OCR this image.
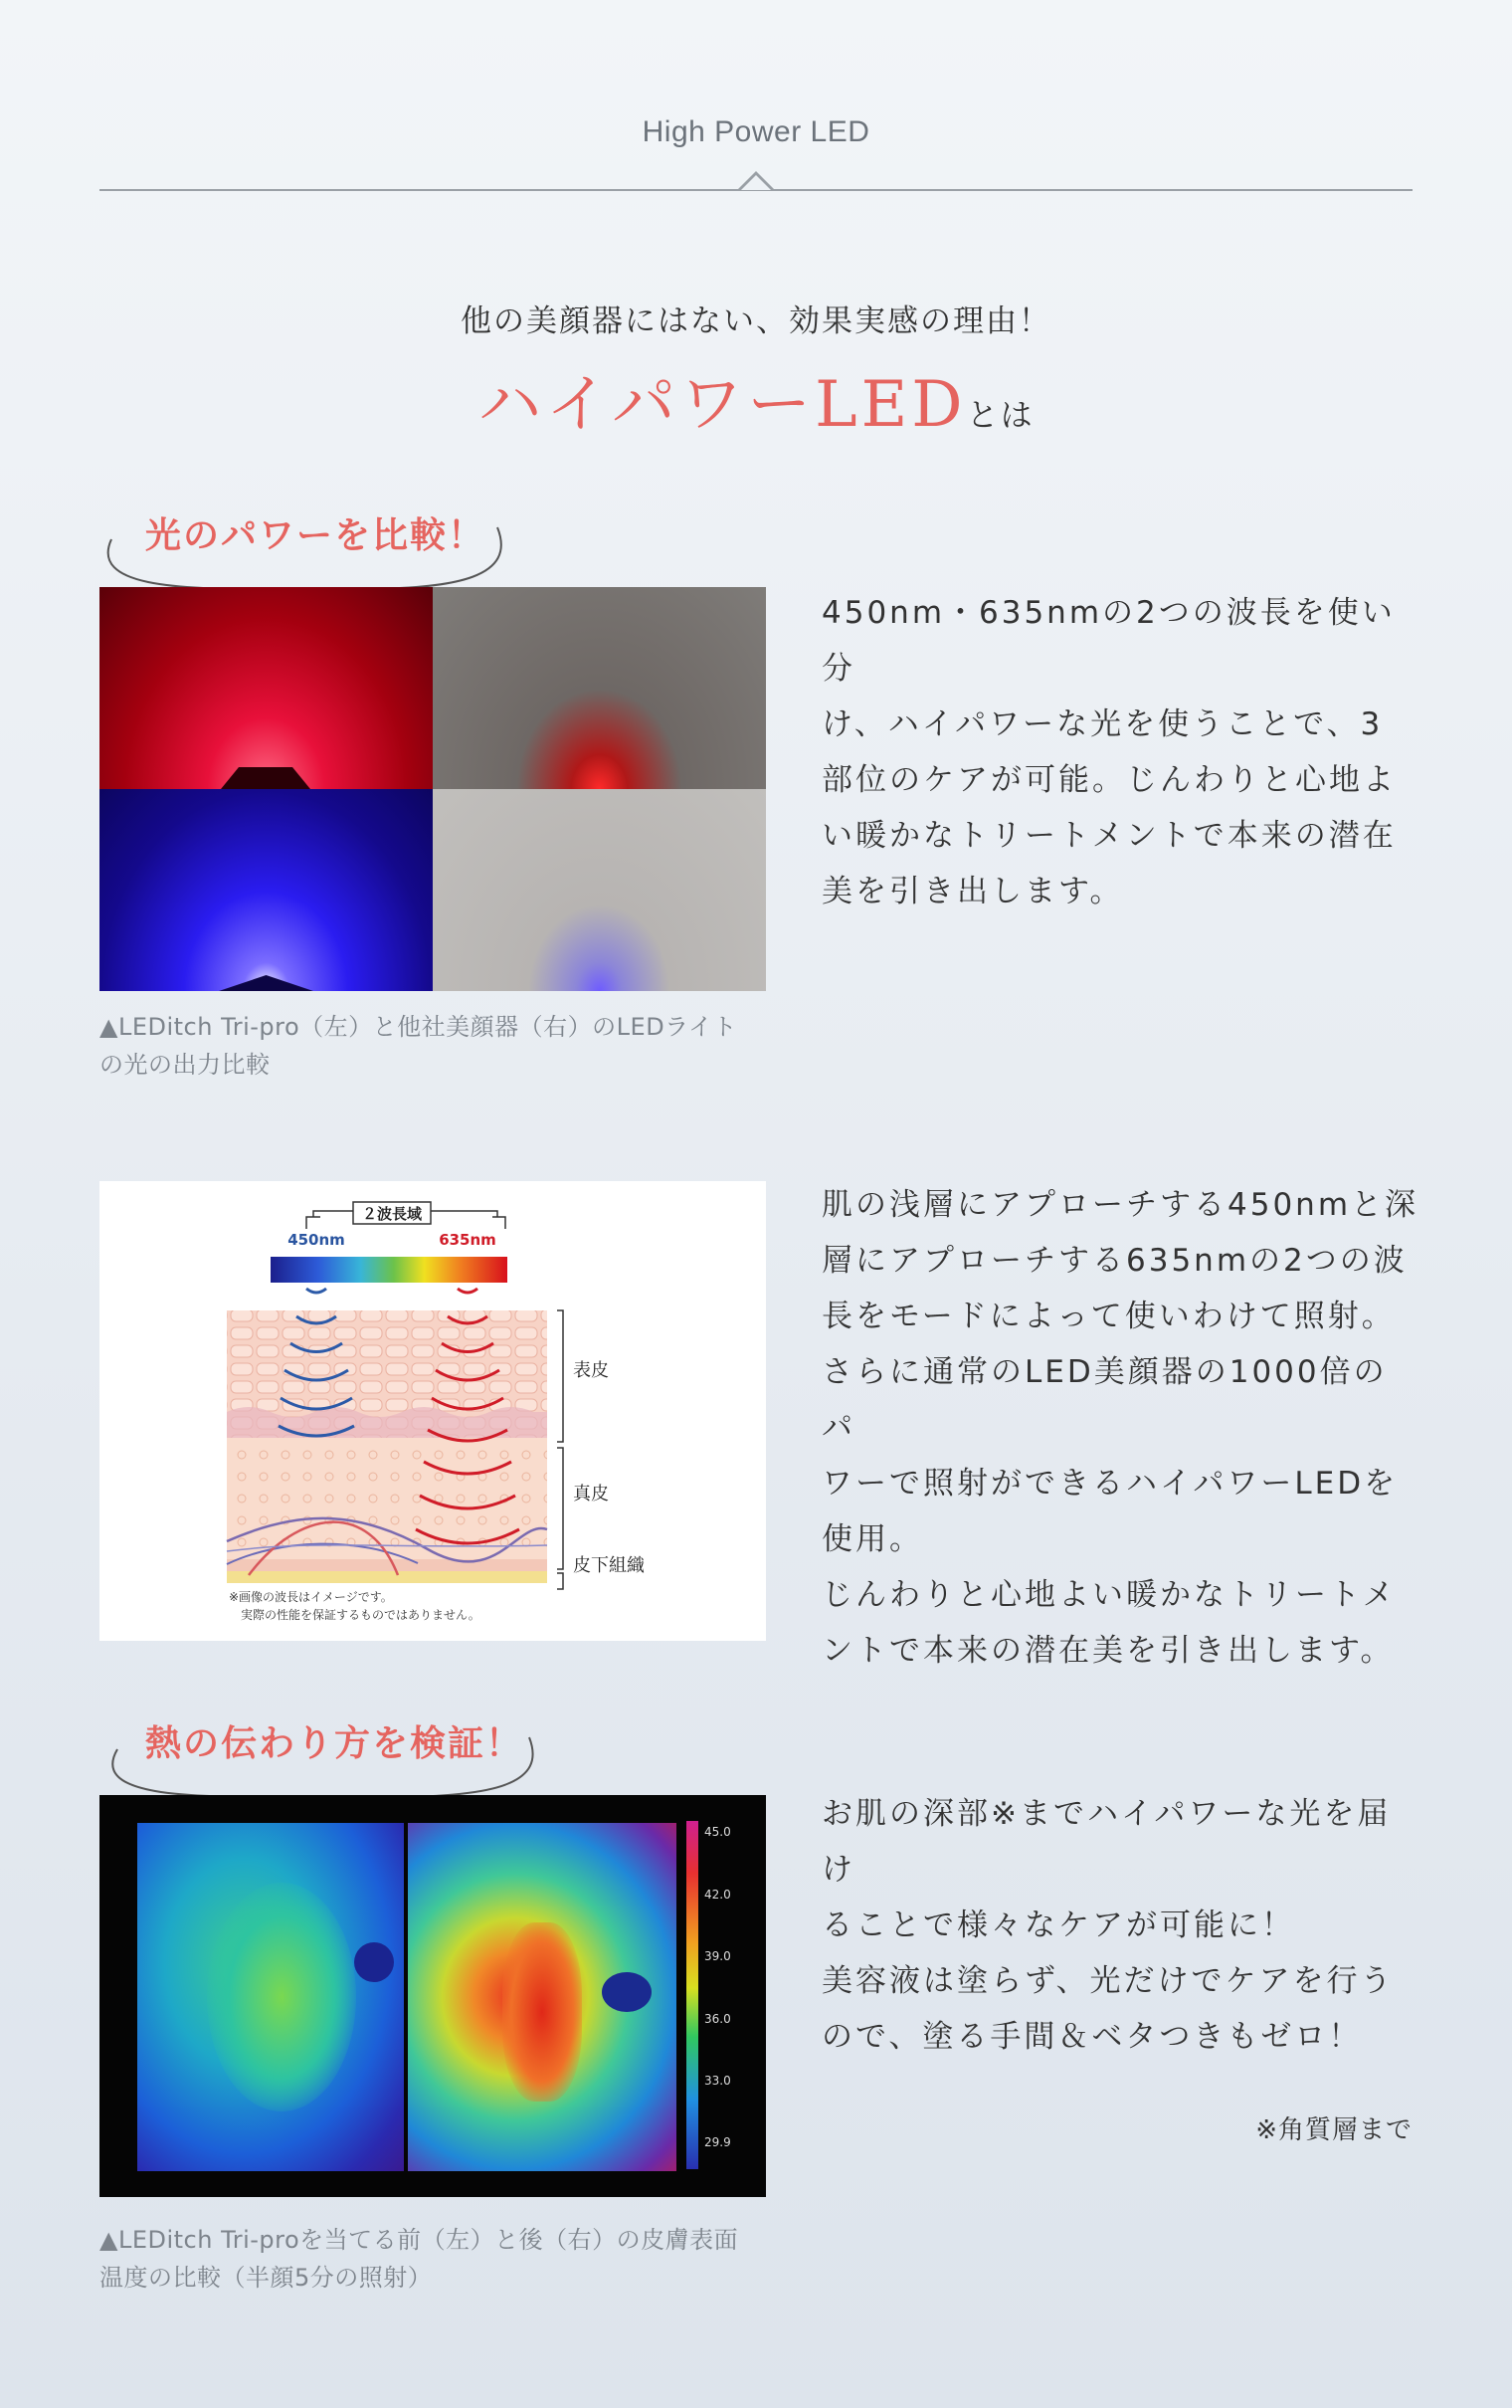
High Power LED
他の美顔器にはない、効果実感の理由！
ハイパワーLEDとは
光のパワーを比較！
▲LEDitch Tri-pro（左）と他社美顔器（右）のLEDライト
の光の出力比較
450nm・635nmの2つの波長を使い分
け、ハイパワーな光を使うことで、3
部位のケアが可能。じんわりと心地よ
い暖かなトリートメントで本来の潜在
美を引き出します。
２波長域
450nm	635nm
表皮
真皮
皮下組織
※画像の波長はイメージです。
実際の性能を保証するものではありません。
肌の浅層にアプローチする450nmと深
層にアプローチする635nmの2つの波
長をモードによって使いわけて照射。
さらに通常のLED美顔器の1000倍のパ
ワーで照射ができるハイパワーLEDを
使用。
じんわりと心地よい暖かなトリートメ
ントで本来の潜在美を引き出します。
熱の伝わり方を検証！
45.0
42.0
39.0
36.0
33.0
29.9
▲LEDitch Tri-proを当てる前（左）と後（右）の皮膚表面
温度の比較（半顔5分の照射）
お肌の深部※までハイパワーな光を届け
ることで様々なケアが可能に！
美容液は塗らず、光だけでケアを行う
ので、塗る手間＆ベタつきもゼロ！
※角質層まで
